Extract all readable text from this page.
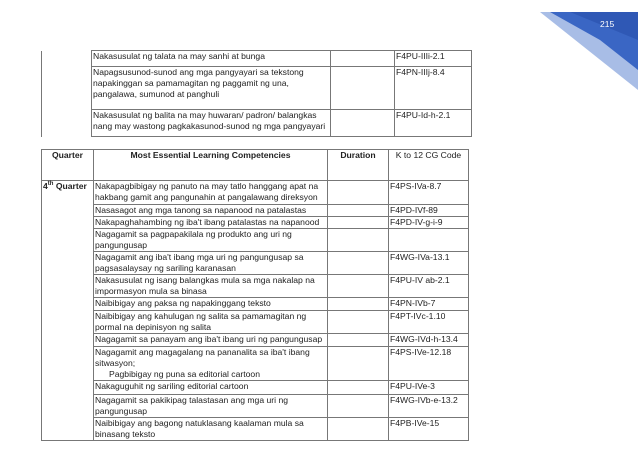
215
	Nakasusulat ng talata na may sanhi at bunga		F4PU-IIIi-2.1
	Napagsusunod-sunod ang mga pangyayari sa tekstong napakinggan sa pamamagitan ng paggamit ng una, pangalawa, sumunod at panghuli		F4PN-IIIj-8.4
	Nakasusulat ng balita na may huwaran/ padron/ balangkas nang may wastong pagkakasunod-sunod ng mga pangyayari		F4PU-Id-h-2.1
Quarter	Most Essential Learning Competencies	Duration	K to 12 CG Code
4th Quarter	Nakapagbibigay ng panuto na may tatlo hanggang apat na hakbang gamit ang pangunahin at pangalawang direksyon		F4PS-IVa-8.7

	Nasasagot ang mga tanong sa napanood na patalastas		F4PD-IVf-89

	Nakapaghahambing ng iba't ibang patalastas na napanood		F4PD-IV-g-i-9

	Nagagamit sa pagpapakilala ng produkto ang uri ng pangungusap		

	Nagagamit ang iba't ibang mga uri ng pangungusap sa pagsasalaysay ng sariling karanasan		F4WG-IVa-13.1

	Nakasusulat ng isang balangkas mula sa mga nakalap na impormasyon mula sa binasa		F4PU-IV ab-2.1

	Naibibigay ang paksa ng napakinggang teksto		F4PN-IVb-7

	Naibibigay ang kahulugan ng salita sa pamamagitan ng pormal na depinisyon ng salita		F4PT-IVc-1.10

	Nagagamit sa panayam ang iba't ibang uri ng pangungusap		F4WG-IVd-h-13.4

	Nagagamit ang magagalang na pananalita sa iba't ibang sitwasyon;
Pagbibigay ng puna sa editorial cartoon		F4PS-IVe-12.18

	Nakaguguhit ng sariling editorial cartoon		F4PU-IVe-3

	Nagagamit sa pakikipag talastasan ang mga uri ng pangungusap		F4WG-IVb-e-13.2

	Naibibigay ang bagong natuklasang kaalaman mula sa binasang teksto		F4PB-IVe-15
